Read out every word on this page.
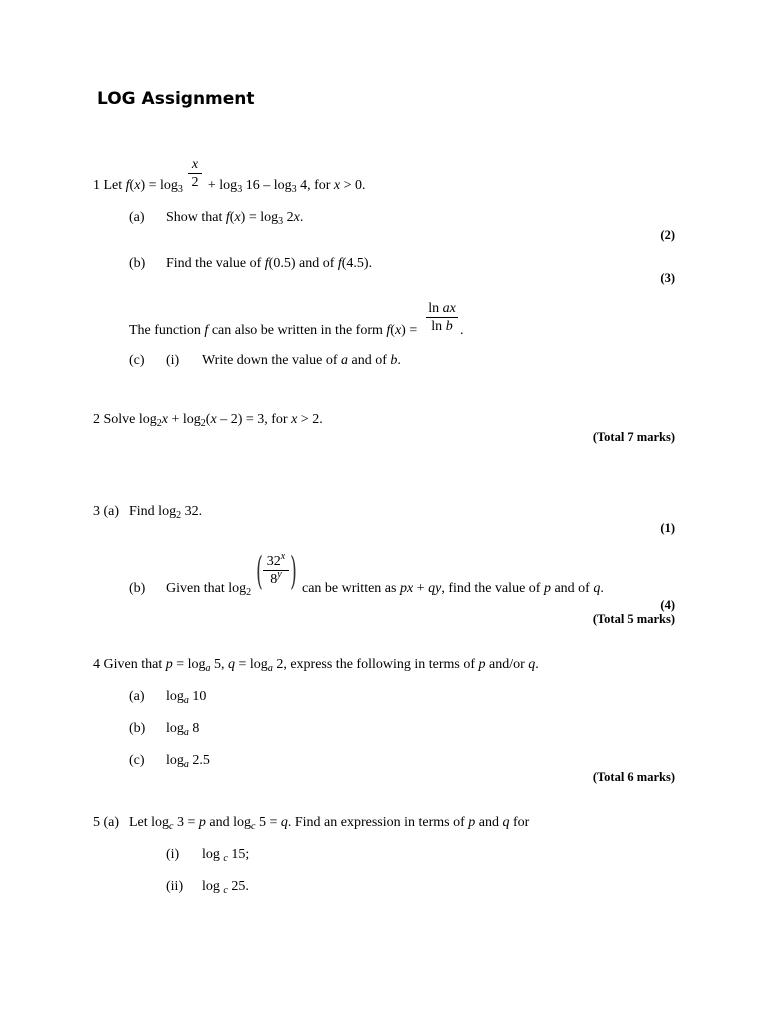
LOG Assignment
1 Let $f(x) = \log_3 + \log_3 16 - \log_3 4$, for x > 0.
x
2
(a) Show that $f(x) = \log_3 2x$.
(2)
(b) Find the value of f(0.5) and of f(4.5).
(3)
The function f can also be written in the form f(x) =
ln ax
ln b .
(c) (i) Write down the value of a and of b.
2 Solve $\log_2x + \log_2(x - 2) = 3$, for x > 2.
(Total 7 marks)
3 (a) Find $\log_2 32$.
(1)
(b) Given that $\log_2$ ( 32$^x$
8$^y$ ) can be written as px + qy, find the value of p and of q.
(4)
(Total 5 marks)
4 Given that $p = \log_a 5$, $q = \log_a 2$, express the following in terms of p and/or q.
(a) $\log_a 10$
(b) $\log_a 8$
(c) $\log_a 2.5$
(Total 6 marks)
5 (a) Let $\log_c 3 = p$ and $\log_c 5 = q$. Find an expression in terms of p and q for
(i) log $_c$ 15;
(ii) log $_c$ 25.
